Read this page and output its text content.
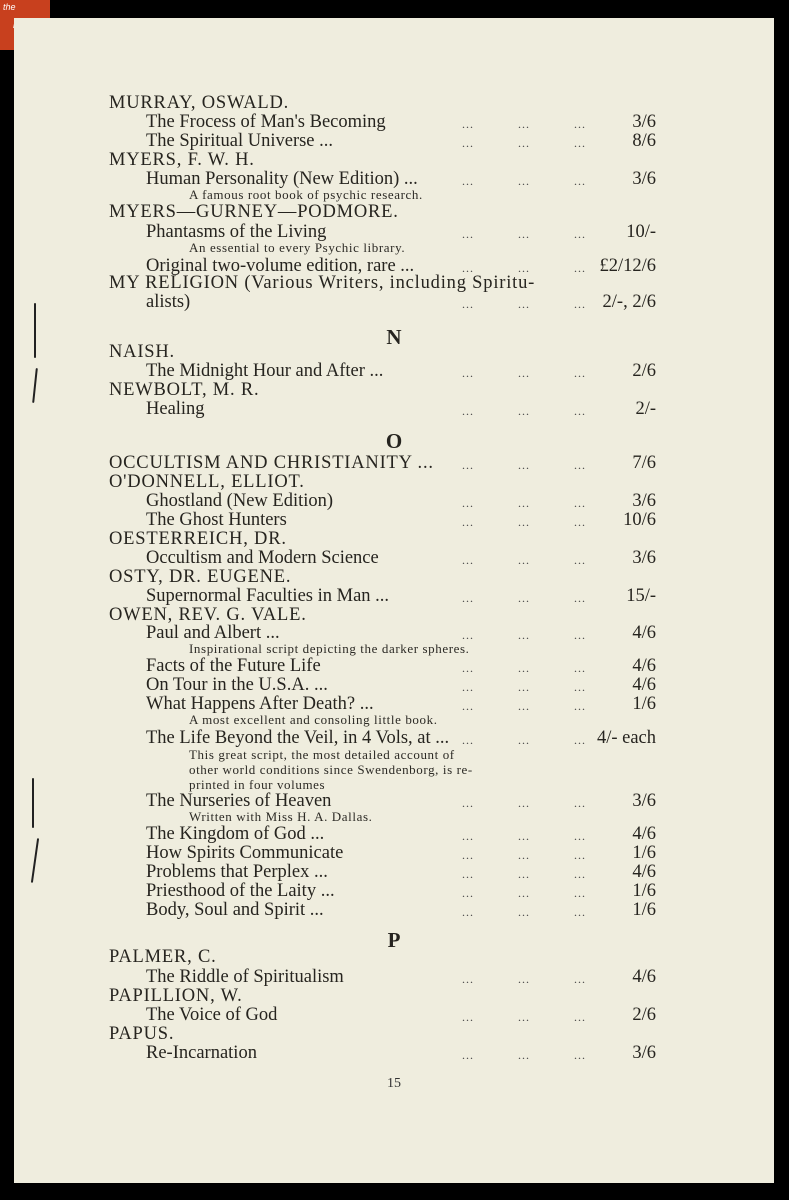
the
N
O
P
15
MURRAY, OSWALD.
The Frocess of Man's Becoming	...	...	...	3/6
The Spiritual Universe ...	...	...	...	8/6
MYERS, F. W. H.
Human Personality (New Edition) ...	...	...	...	3/6
A famous root book of psychic research.
MYERS—GURNEY—PODMORE.
Phantasms of the Living	...	...	... 10/-
An essential to every Psychic library.
Original two-volume edition, rare ...	...	...	... £2/12/6
MY RELIGION (Various Writers, including Spiritu-
alists)	...	...	... 2/-, 2/6
NAISH.
The Midnight Hour and After ...	...	...	...	2/6
NEWBOLT, M. R.
Healing	...	...	...	2/-
OCCULTISM AND CHRISTIANITY ... ...	...	...	7/6
O'DONNELL, ELLIOT.
Ghostland (New Edition)	...	...	...	3/6
The Ghost Hunters	...	...	... 10/6
OESTERREICH, DR.
Occultism and Modern Science	...	...	...	3/6
OSTY, DR. EUGENE.
Supernormal Faculties in Man ...	...	...	... 15/-
OWEN, REV. G. VALE.
Paul and Albert ...	...	...	...	4/6
Inspirational script depicting the darker spheres.
Facts of the Future Life	...	...	...	4/6
On Tour in the U.S.A. ...	...	...	...	4/6
What Happens After Death? ...	...	...	...	1/6
A most excellent and consoling little book.
The Life Beyond the Veil, in 4 Vols, at ... ...	...	... 4/- each
This great script, the most detailed account of
other world conditions since Swendenborg, is re-
printed in four volumes
The Nurseries of Heaven	...	...	...	3/6
Written with Miss H. A. Dallas.
The Kingdom of God ...	...	...	...	4/6
How Spirits Communicate	...	...	...	1/6
Problems that Perplex ...	...	...	...	4/6
Priesthood of the Laity ...	...	...	...	1/6
Body, Soul and Spirit ...	...	...	...	1/6
PALMER, C.
The Riddle of Spiritualism	...	...	...	4/6
PAPILLION, W.
The Voice of God	...	...	...	2/6
PAPUS.
Re-Incarnation	...	...	...	3/6
